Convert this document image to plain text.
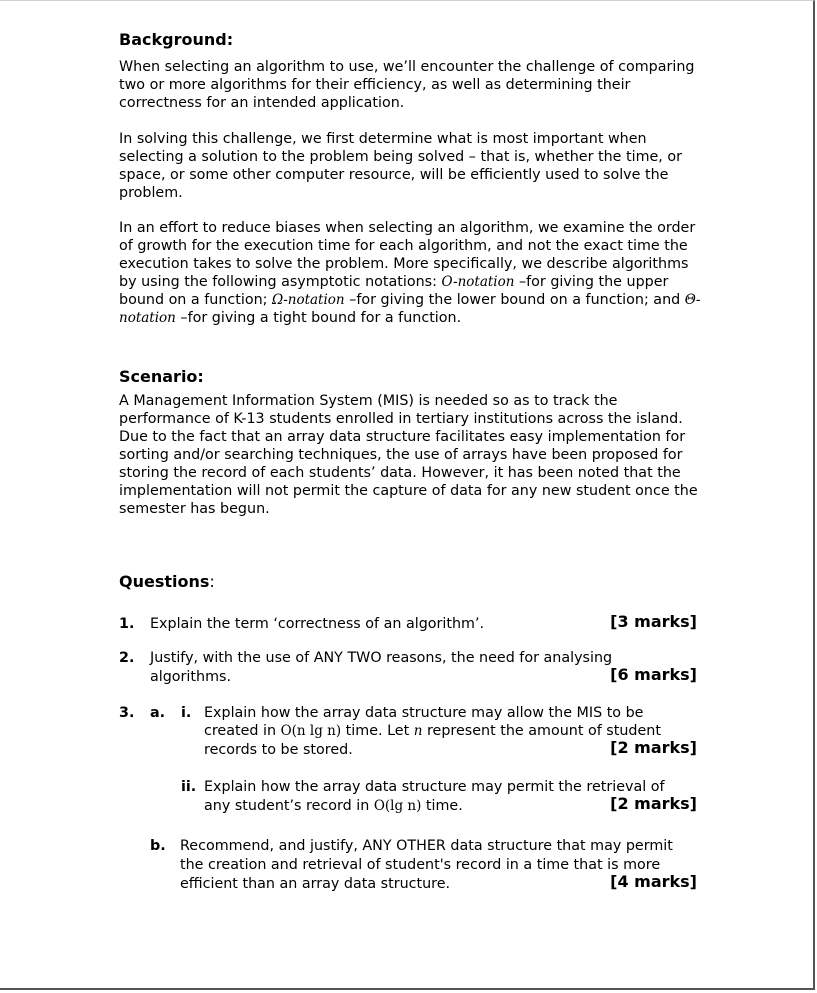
Background:

When selecting an algorithm to use, we’ll encounter the challenge of comparing two or more algorithms for their efficiency, as well as determining their correctness for an intended application.

In solving this challenge, we first determine what is most important when selecting a solution to the problem being solved – that is, whether the time, or space, or some other computer resource, will be efficiently used to solve the problem.

In an effort to reduce biases when selecting an algorithm, we examine the order of growth for the execution time for each algorithm, and not the exact time the execution takes to solve the problem. More specifically, we describe algorithms by using the following asymptotic notations: O-notation –for giving the upper bound on a function; Ω-notation –for giving the lower bound on a function; and Θ-notation –for giving a tight bound for a function.

Scenario:

A Management Information System (MIS) is needed so as to track the performance of K-13 students enrolled in tertiary institutions across the island. Due to the fact that an array data structure facilitates easy implementation for sorting and/or searching techniques, the use of arrays have been proposed for storing the record of each students’ data. However, it has been noted that the implementation will not permit the capture of data for any new student once the semester has begun.

Questions:
1. Explain the term ‘correctness of an algorithm’.	[3 marks]
2. Justify, with the use of ANY TWO reasons, the need for analysing
algorithms.	[6 marks]
3. a. i. Explain how the array data structure may allow the MIS to be
created in O(n lg n) time. Let n represent the amount of student
records to be stored.	[2 marks]
ii. Explain how the array data structure may permit the retrieval of
any student’s record in O(lg n) time.	[2 marks]
b. Recommend, and justify, ANY OTHER data structure that may permit
the creation and retrieval of student's record in a time that is more
efficient than an array data structure.	[4 marks]
